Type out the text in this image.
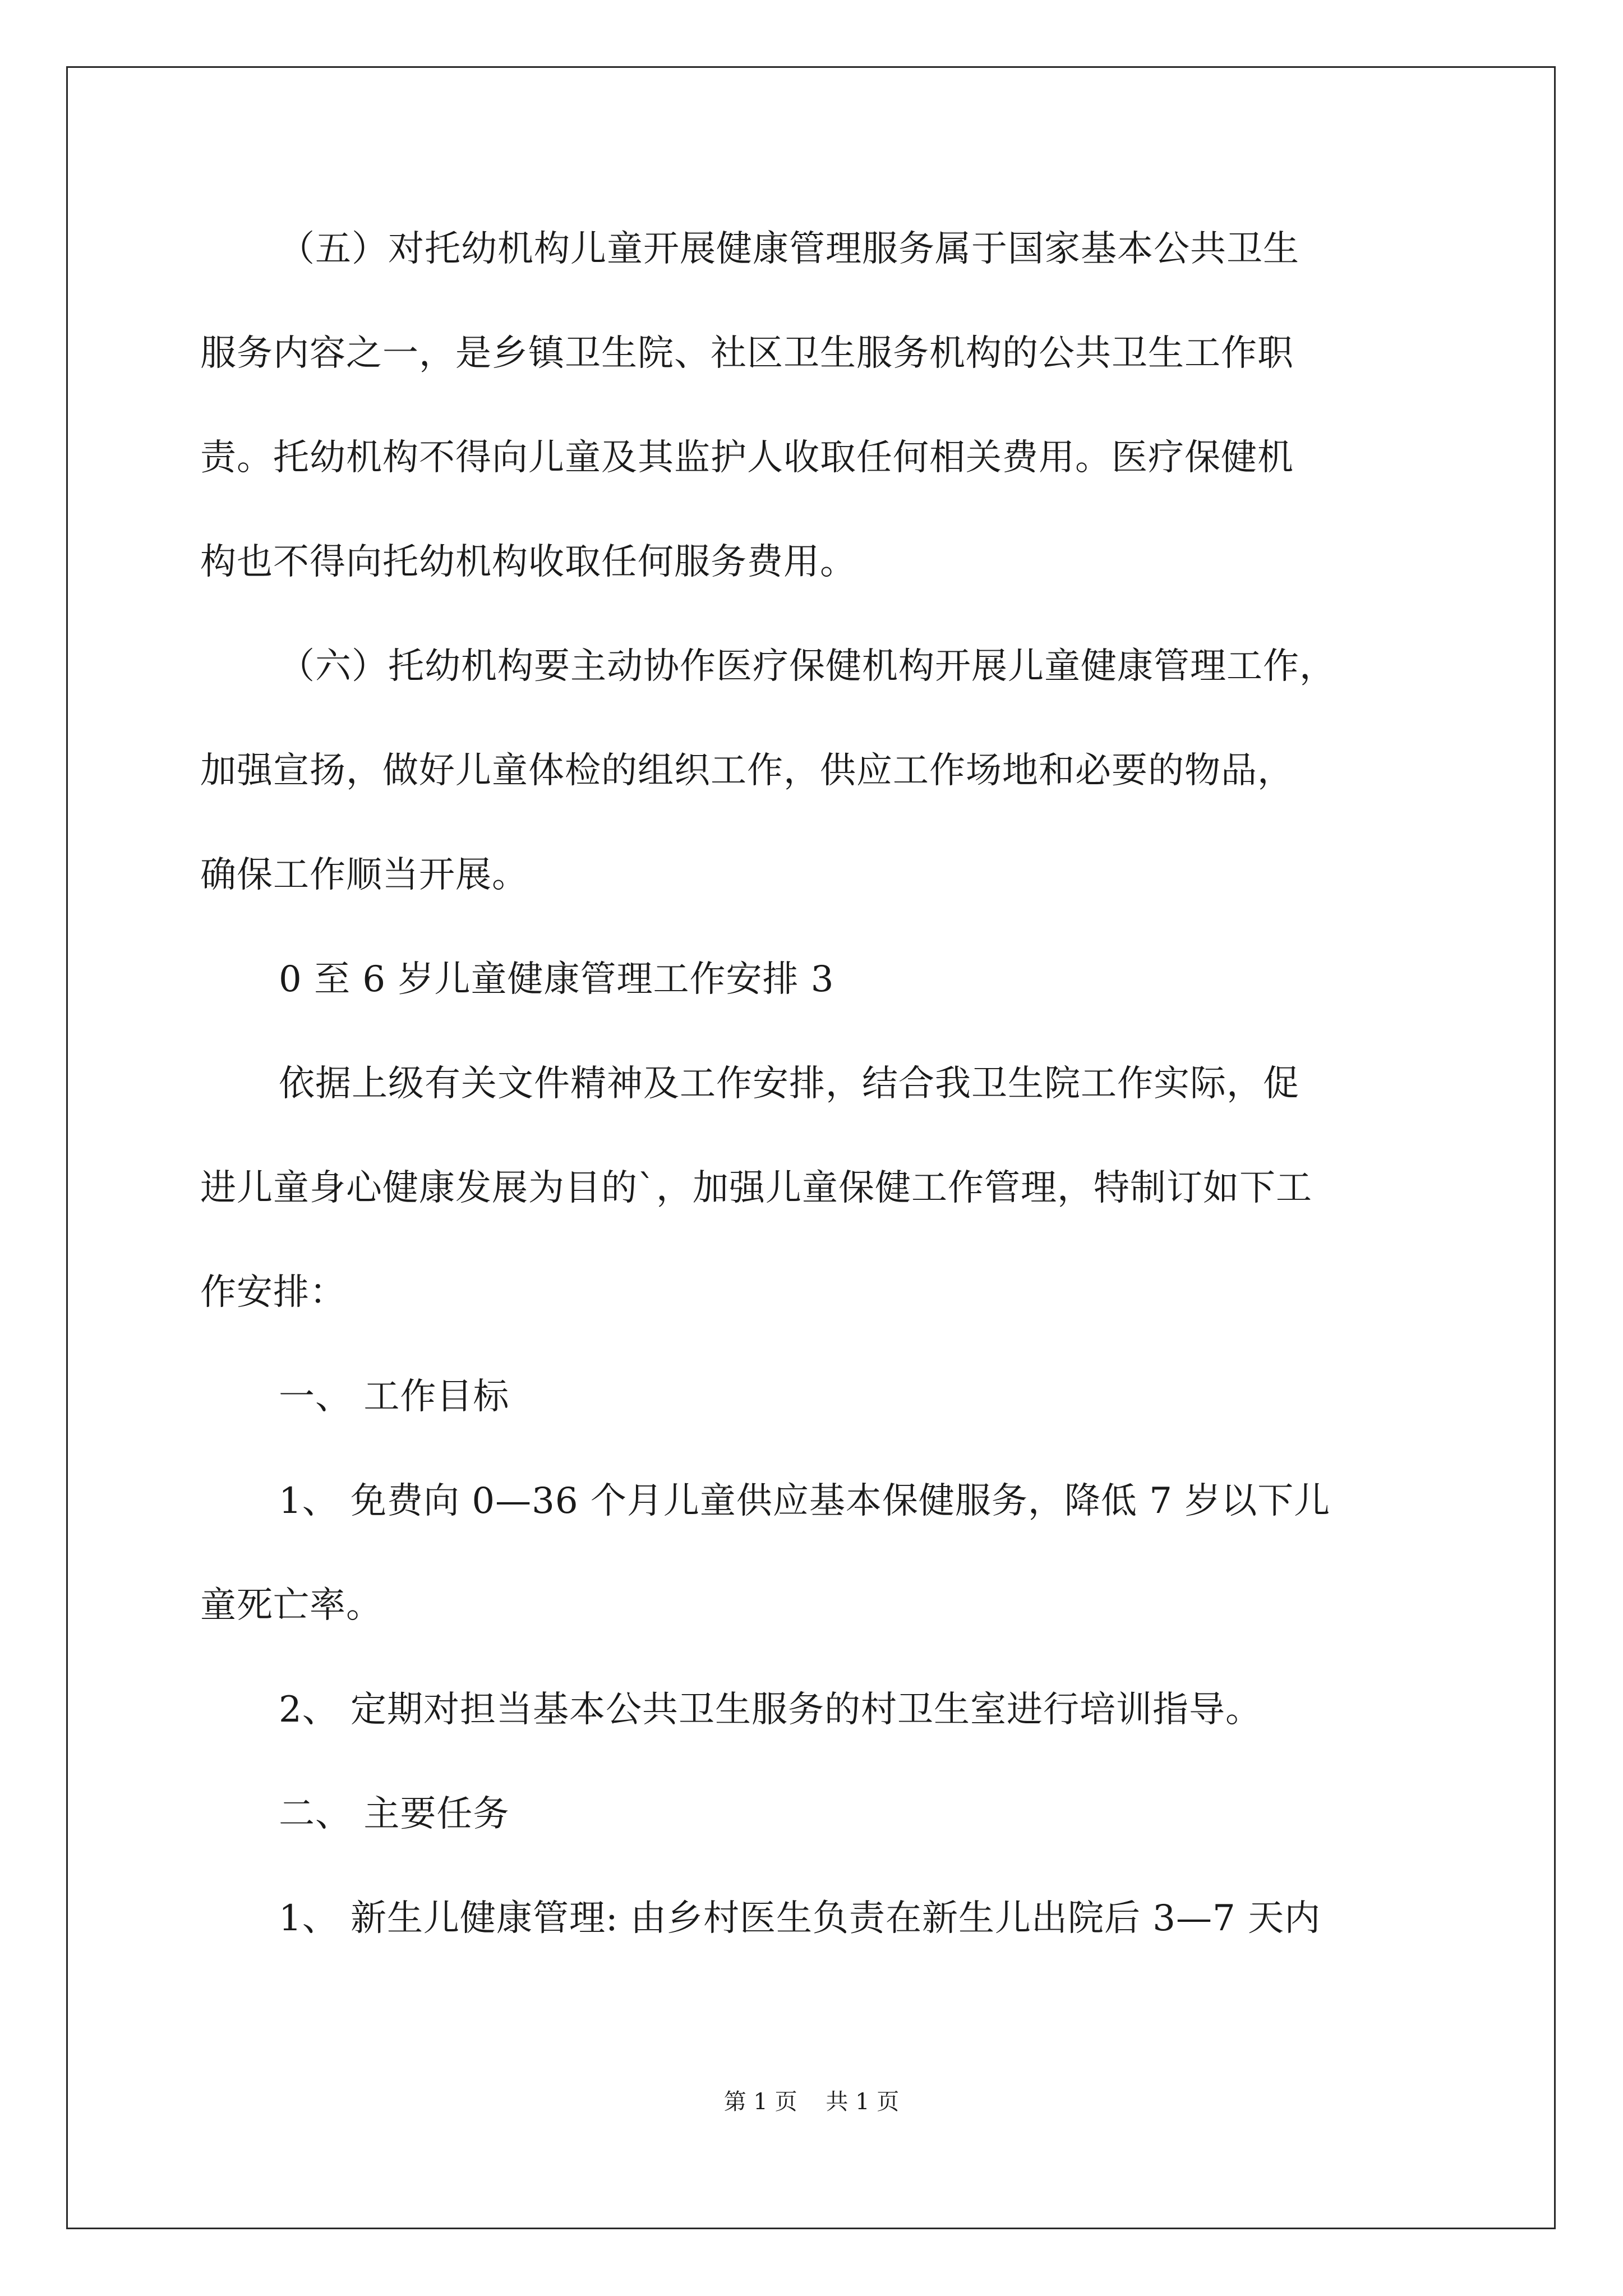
（五）对托幼机构儿童开展健康管理服务属于国家基本公共卫生
服务内容之一，是乡镇卫生院、社区卫生服务机构的公共卫生工作职
责。托幼机构不得向儿童及其监护人收取任何相关费用。医疗保健机
构也不得向托幼机构收取任何服务费用。
（六）托幼机构要主动协作医疗保健机构开展儿童健康管理工作，
加强宣扬，做好儿童体检的组织工作，供应工作场地和必要的物品，
确保工作顺当开展。
0 至 6 岁儿童健康管理工作安排 3
依据上级有关文件精神及工作安排，结合我卫生院工作实际，促
进儿童身心健康发展为目的`，加强儿童保健工作管理，特制订如下工
作安排：
一、 工作目标
1、 免费向 0—36 个月儿童供应基本保健服务，降低 7 岁以下儿
童死亡率。
2、 定期对担当基本公共卫生服务的村卫生室进行培训指导。
二、 主要任务
1、 新生儿健康管理: 由乡村医生负责在新生儿出院后 3—7 天内
第 1 页    共 1 页
